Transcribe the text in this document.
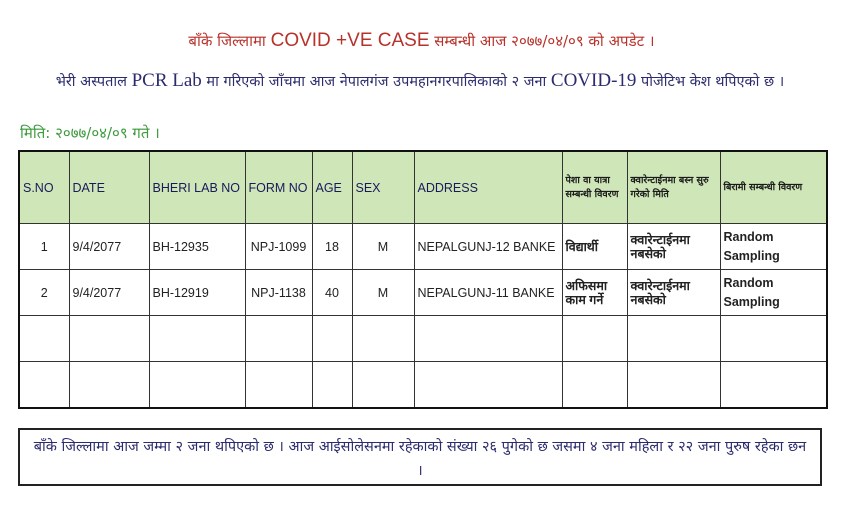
बाँके जिल्लामा COVID +VE CASE सम्बन्धी आज २०७७/०४/०९ को अपडेट ।
भेरी अस्पताल PCR Lab मा गरिएको जाँचमा आज नेपालगंज उपमहानगरपालिकाको २ जना COVID-19 पोजेटिभ केश थपिएको छ ।
मिति: २०७७/०४/०९ गते ।
S.NO	DATE	BHERI LAB NO	FORM NO	AGE	SEX	ADDRESS	पेशा वा यात्रा सम्बन्धी विवरण	क्वारेन्टाईनमा बस्न सुरु गरेको मिति	बिरामी सम्बन्धी विवरण
1	9/4/2077	BH-12935	NPJ-1099	18	M	NEPALGUNJ-12 BANKE	विद्यार्थी	क्वारेन्टाईनमा नबसेको	Random Sampling
2	9/4/2077	BH-12919	NPJ-1138	40	M	NEPALGUNJ-11 BANKE	अफिसमा काम गर्ने	क्वारेन्टाईनमा नबसेको	Random Sampling

बाँके जिल्लामा आज जम्मा २ जना थपिएको छ । आज आईसोलेसनमा रहेकाको संख्या २६ पुगेको छ जसमा ४ जना महिला र २२ जना पुरुष रहेका छन ।
